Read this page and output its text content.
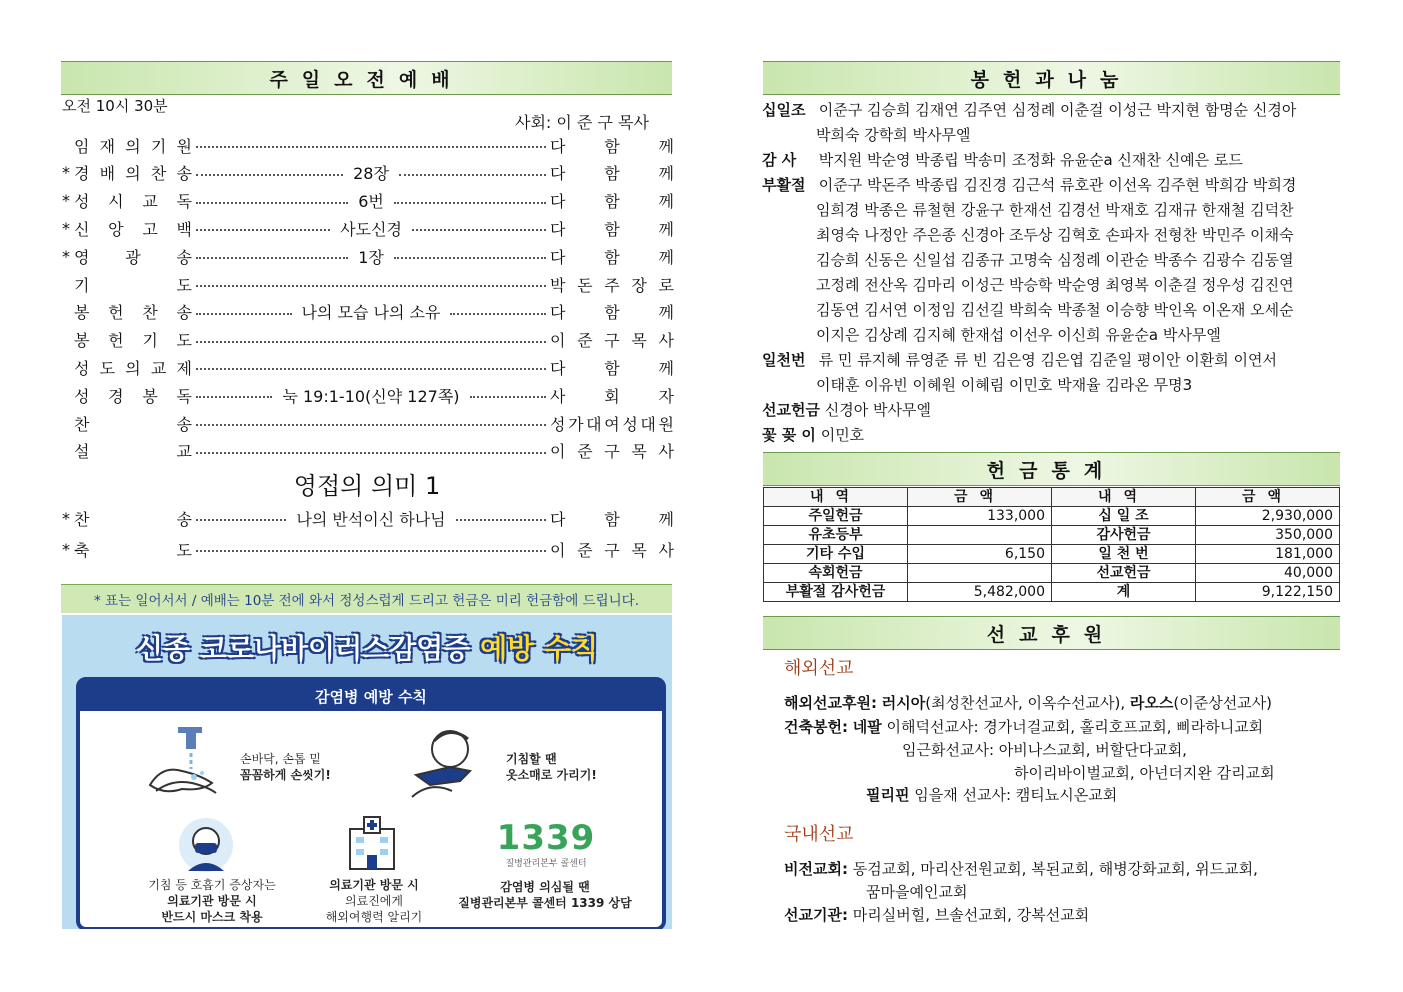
주일오전예배
오전 10시 30분
사회: 이 준 구 목사
임 재 의 기 원	다 함 께
* 경 배 의 찬 송	28장	다 함 께
* 성 시 교 독	6번	다 함 께
* 신 앙 고 백	사도신경	다 함 께
* 영 광 송	1장	다 함 께
기	도	박 돈 주 장 로
봉 헌 찬 송	나의 모습 나의 소유	다 함 께
봉 헌 기 도	이 준 구 목 사
성 도 의 교 제	다 함 께
성 경 봉 독	눅 19:1-10(신약 127쪽)	사 회 자
찬	송	성 가 대 여 성 대 원
설	교	이 준 구 목 사
영접의 의미 1
* 찬	송	나의 반석이신 하나님	다 함 께
* 축	도	이 준 구 목 사
* 표는 일어서서 / 예배는 10분 전에 와서 정성스럽게 드리고 헌금은 미리 헌금함에 드립니다.
신종 코로나바이러스감염증 예방 수칙
감염병 예방 수칙
손바닥, 손톱 밑
꼼꼼하게 손씻기!
기침할 땐
옷소매로 가리기!
기침 등 호흡기 증상자는
의료기관 방문 시
반드시 마스크 착용
의료기관 방문 시
의료진에게
해외여행력 알리기
1339
질병관리본부 콜센터
감염병 의심될 땐
질병관리본부 콜센터 1339 상담
봉헌과나눔
십일조 이준구 김승희 김재연 김주연 심정례 이춘걸 이성근 박지현 함명순 신경아
박희숙 강학희 박사무엘
감 사 박지원 박순영 박종립 박송미 조정화 유윤순a 신재찬 신예은 로드
부활절 이준구 박돈주 박종립 김진경 김근석 류호관 이선옥 김주현 박희감 박희경
임희경 박종은 류철현 강윤구 한재선 김경선 박재호 김재규 한재철 김덕찬
최영숙 나정안 주은종 신경아 조두상 김혁호 손파자 전형찬 박민주 이채숙
김승희 신동은 신일섭 김종규 고명숙 심정례 이관순 박종수 김광수 김동열
고정례 전산옥 김마리 이성근 박승학 박순영 최영복 이춘걸 정우성 김진연
김동연 김서연 이정임 김선길 박희숙 박종철 이승향 박인옥 이온재 오세순
이지은 김상례 김지혜 한재섭 이선우 이신희 유윤순a 박사무엘
일천번 류 민 류지혜 류영준 류 빈 김은영 김은엽 김준일 평이안 이환희 이연서
이태훈 이유빈 이혜원 이혜림 이민호 박재율 김라온 무명3
선교헌금 신경아 박사무엘
꽃 꽂 이 이민호
헌금통계
내역	금액	내역	금액
주일헌금	133,000	십 일 조	2,930,000
유초등부		감사헌금	350,000
기타 수입	6,150	일 천 번	181,000
속회헌금		선교헌금	40,000
부활절 감사헌금	5,482,000	계	9,122,150
선교후원
해외선교
해외선교후원: 러시아(최성찬선교사, 이옥수선교사), 라오스(이준상선교사)
건축봉헌: 네팔 이해덕선교사: 경가너걸교회, 홀리호프교회, 삐라하니교회
임근화선교사: 아비나스교회, 버할단다교회,
하이리바이벌교회, 아넌더지완 감리교회
필리핀 임을재 선교사: 캠티뇨시온교회
국내선교
비전교회: 동검교회, 마리산전원교회, 복된교회, 해병강화교회, 위드교회,
꿈마을예인교회
선교기관: 마리실버힐, 브솔선교회, 강복선교회
